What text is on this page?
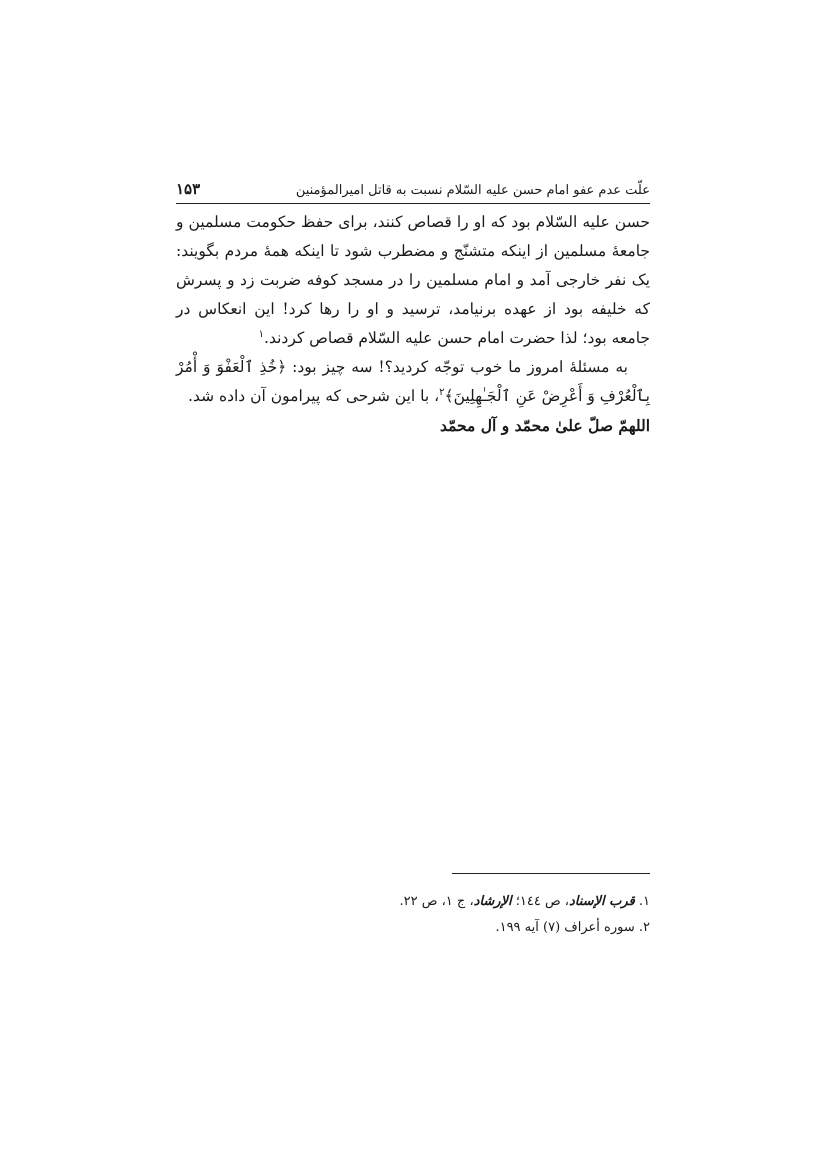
علّت عدم عفو امام حسن علیه السّلام نسبت به قاتل امیرالمؤمنین
۱۵۳

حسن علیه السّلام بود که او را قصاص کنند، برای حفظ حکومت مسلمین و جامعهٔ مسلمین از اینکه متشنّج و مضطرب شود تا اینکه همهٔ مردم بگویند: یک نفر خارجی آمد و امام مسلمین را در مسجد کوفه ضربت زد و پسرش که خلیفه بود از عهده برنیامد، ترسید و او را رها کرد! این انعکاس در جامعه بود؛ لذا حضرت امام حسن علیه السّلام قصاص کردند.$^۱$

به مسئلهٔ امروز ما خوب توجّه کردید؟! سه چیز بود: ﴿خُذِ ٱلْعَفْوَ وَ أْمُرْ بِٱلْعُرْفِ وَ أَعْرِضْ عَنِ ٱلْجَـٰهِلِينَ﴾$^۲$، با این شرحی که پیرامون آن داده شد.

اللهمّ صلّ علیٰ محمّد و آل محمّد

۱. قرب الإسناد، ص ۱٤٤؛ الإرشاد، ج ۱، ص ۲۲.

۲. سوره أعراف (۷) آیه ۱۹۹.
